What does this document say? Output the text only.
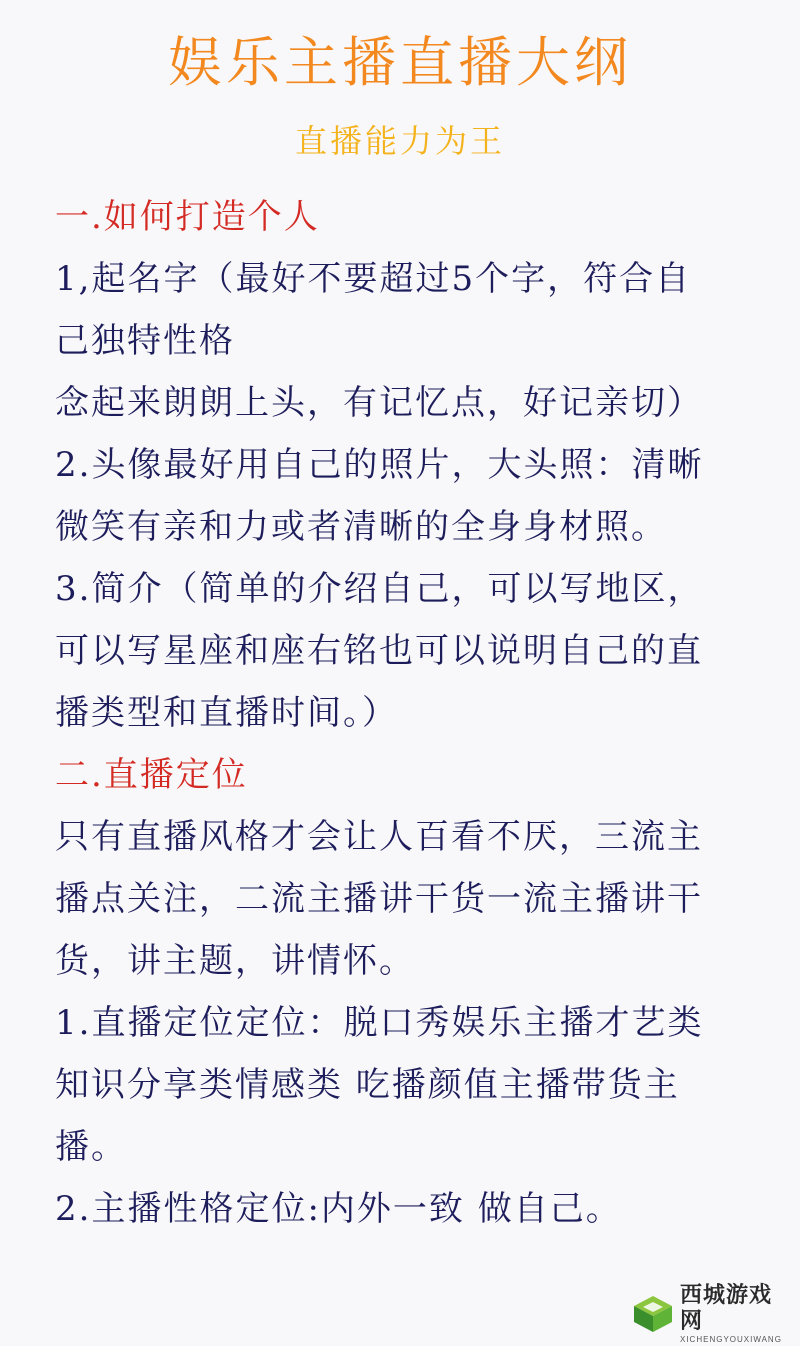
娱乐主播直播大纲
直播能力为王
一.如何打造个人
1,起名字（最好不要超过5个字，符合自
己独特性格
念起来朗朗上头，有记忆点，好记亲切）
2.头像最好用自己的照片，大头照：清晰
微笑有亲和力或者清晰的全身身材照。
3.简介（简单的介绍自己，可以写地区，
可以写星座和座右铭也可以说明自己的直
播类型和直播时间。）
二.直播定位
只有直播风格才会让人百看不厌，三流主
播点关注，二流主播讲干货一流主播讲干
货，讲主题，讲情怀。
1.直播定位定位：脱口秀娱乐主播才艺类
知识分享类情感类 吃播颜值主播带货主
播。
2.主播性格定位:内外一致 做自己。
西城游戏网
XICHENGYOUXIWANG
